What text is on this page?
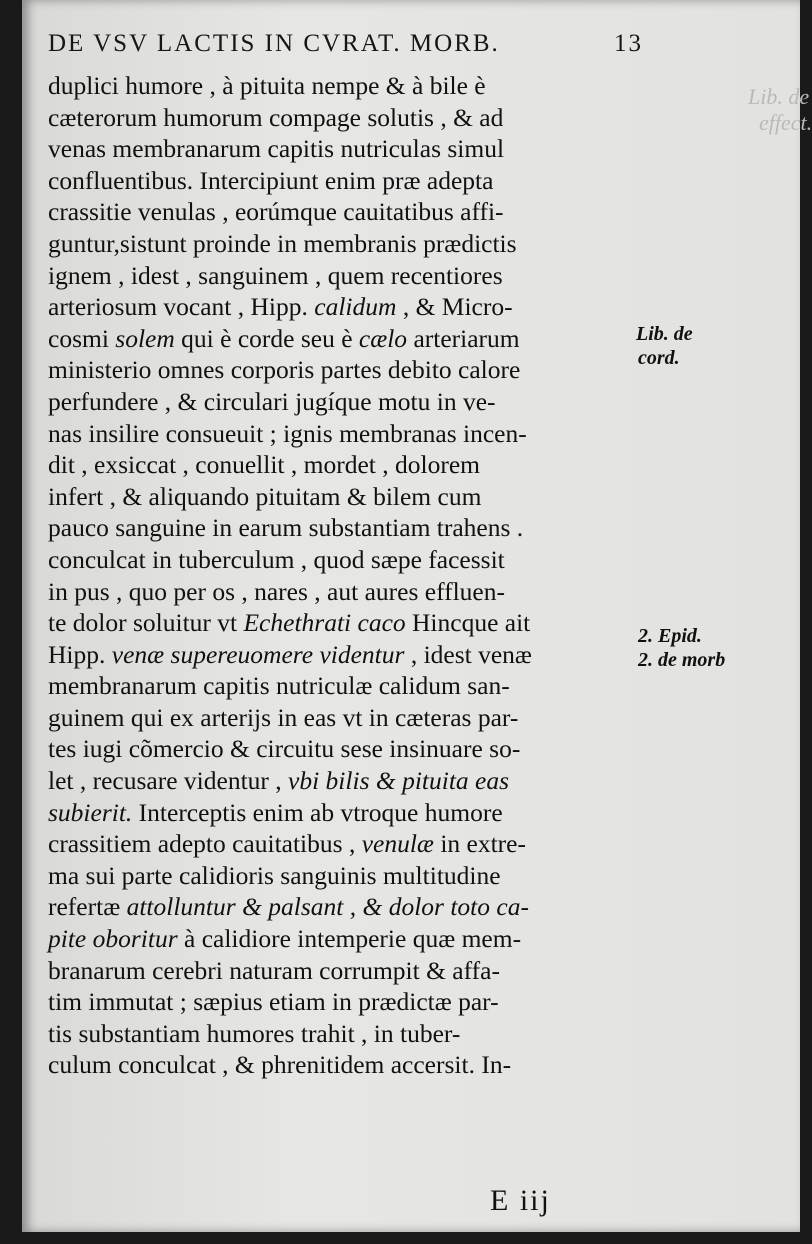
DE VSV LACTIS IN CVRAT. MORB.	13
Lib. de
effect.
duplici humore , à pituita nempe & à bile è
cæterorum humorum compage solutis , & ad
venas membranarum capitis nutriculas simul
confluentibus. Intercipiunt enim præ adepta
crassitie venulas , eorúmque cauitatibus affi-
guntur,sistunt proinde in membranis prædictis
ignem , idest , sanguinem , quem recentiores
arteriosum vocant , Hipp. calidum , & Micro-
cosmi solem qui è corde seu è cælo arteriarum
ministerio omnes corporis partes debito calore
perfundere , & circulari jugíque motu in ve-
nas insilire consueuit ; ignis membranas incen-
dit , exsiccat , conuellit , mordet , dolorem
infert , & aliquando pituitam & bilem cum
pauco sanguine in earum substantiam trahens .
conculcat in tuberculum , quod sæpe facessit
in pus , quo per os , nares , aut aures effluen-
te dolor soluitur vt Echethrati caco Hincque ait
Hipp. venæ supereuomere videntur , idest venæ
membranarum capitis nutriculæ calidum san-
guinem qui ex arterijs in eas vt in cæteras par-
tes iugi cõmercio & circuitu sese insinuare so-
let , recusare videntur , vbi bilis & pituita eas
subierit. Interceptis enim ab vtroque humore
crassitiem adepto cauitatibus , venulæ in extre-
ma sui parte calidioris sanguinis multitudine
refertæ attolluntur & palsant , & dolor toto ca-
pite oboritur à calidiore intemperie quæ mem-
branarum cerebri naturam corrumpit & affa-
tim immutat ; sæpius etiam in prædictæ par-
tis substantiam humores trahit , in tuber-
culum conculcat , & phrenitidem accersit. In-
Lib. de
cord.
2. Epid.
2. de morb
E iij
